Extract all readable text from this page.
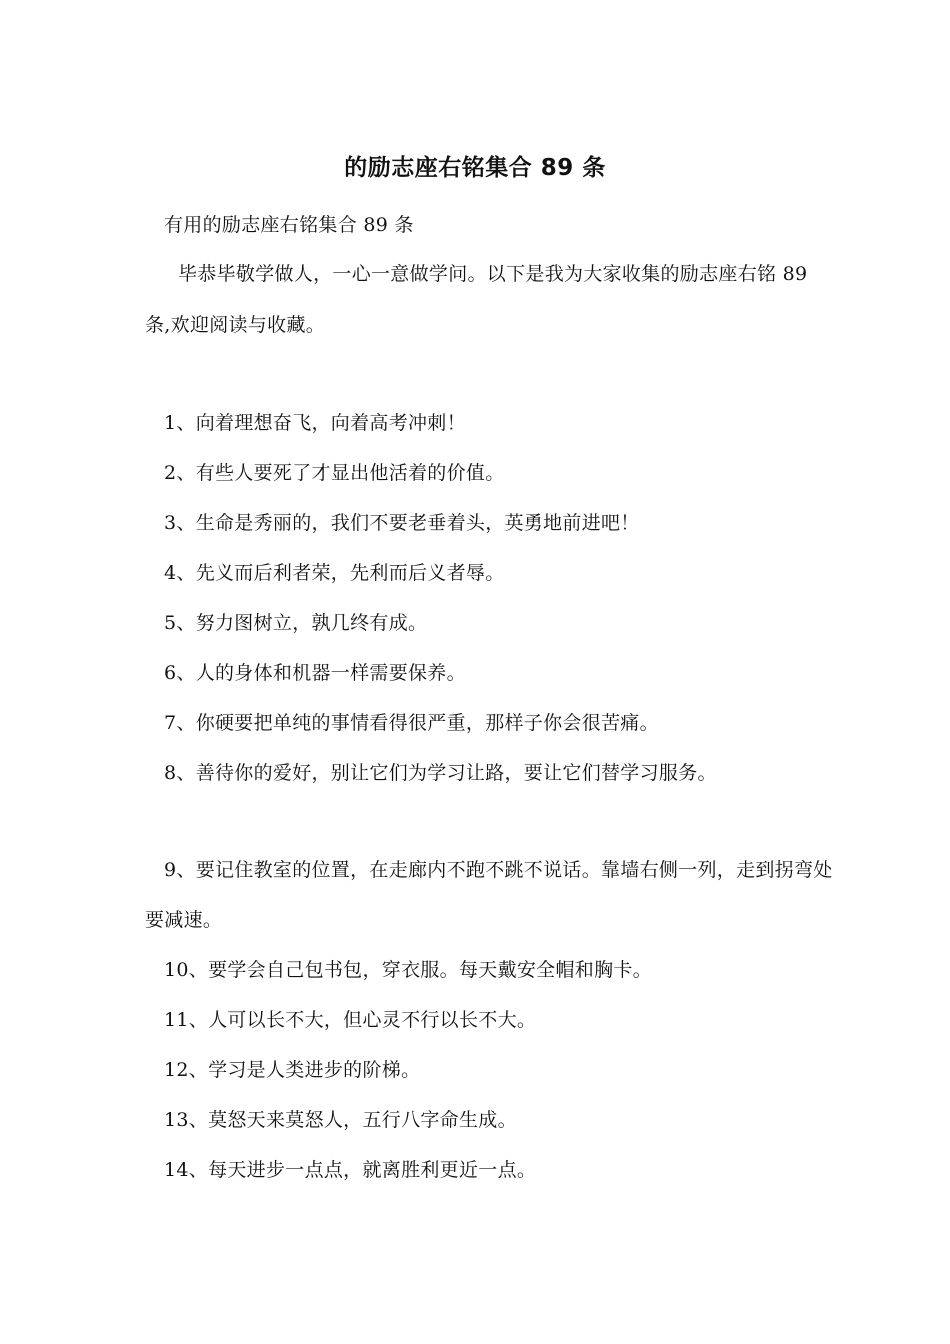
的励志座右铭集合 89 条
有用的励志座右铭集合 89 条
毕恭毕敬学做人，一心一意做学问。以下是我为大家收集的励志座右铭 89 条,欢迎阅读与收藏。
1、向着理想奋飞，向着高考冲刺！
2、有些人要死了才显出他活着的价值。
3、生命是秀丽的，我们不要老垂着头，英勇地前进吧！
4、先义而后利者荣，先利而后义者辱。
5、努力图树立，孰几终有成。
6、人的身体和机器一样需要保养。
7、你硬要把单纯的事情看得很严重，那样子你会很苦痛。
8、善待你的爱好，别让它们为学习让路，要让它们替学习服务。
9、要记住教室的位置，在走廊内不跑不跳不说话。靠墙右侧一列，走到拐弯处要减速。
10、要学会自己包书包，穿衣服。每天戴安全帽和胸卡。
11、人可以长不大，但心灵不行以长不大。
12、学习是人类进步的阶梯。
13、莫怒天来莫怒人，五行八字命生成。
14、每天进步一点点，就离胜利更近一点。
